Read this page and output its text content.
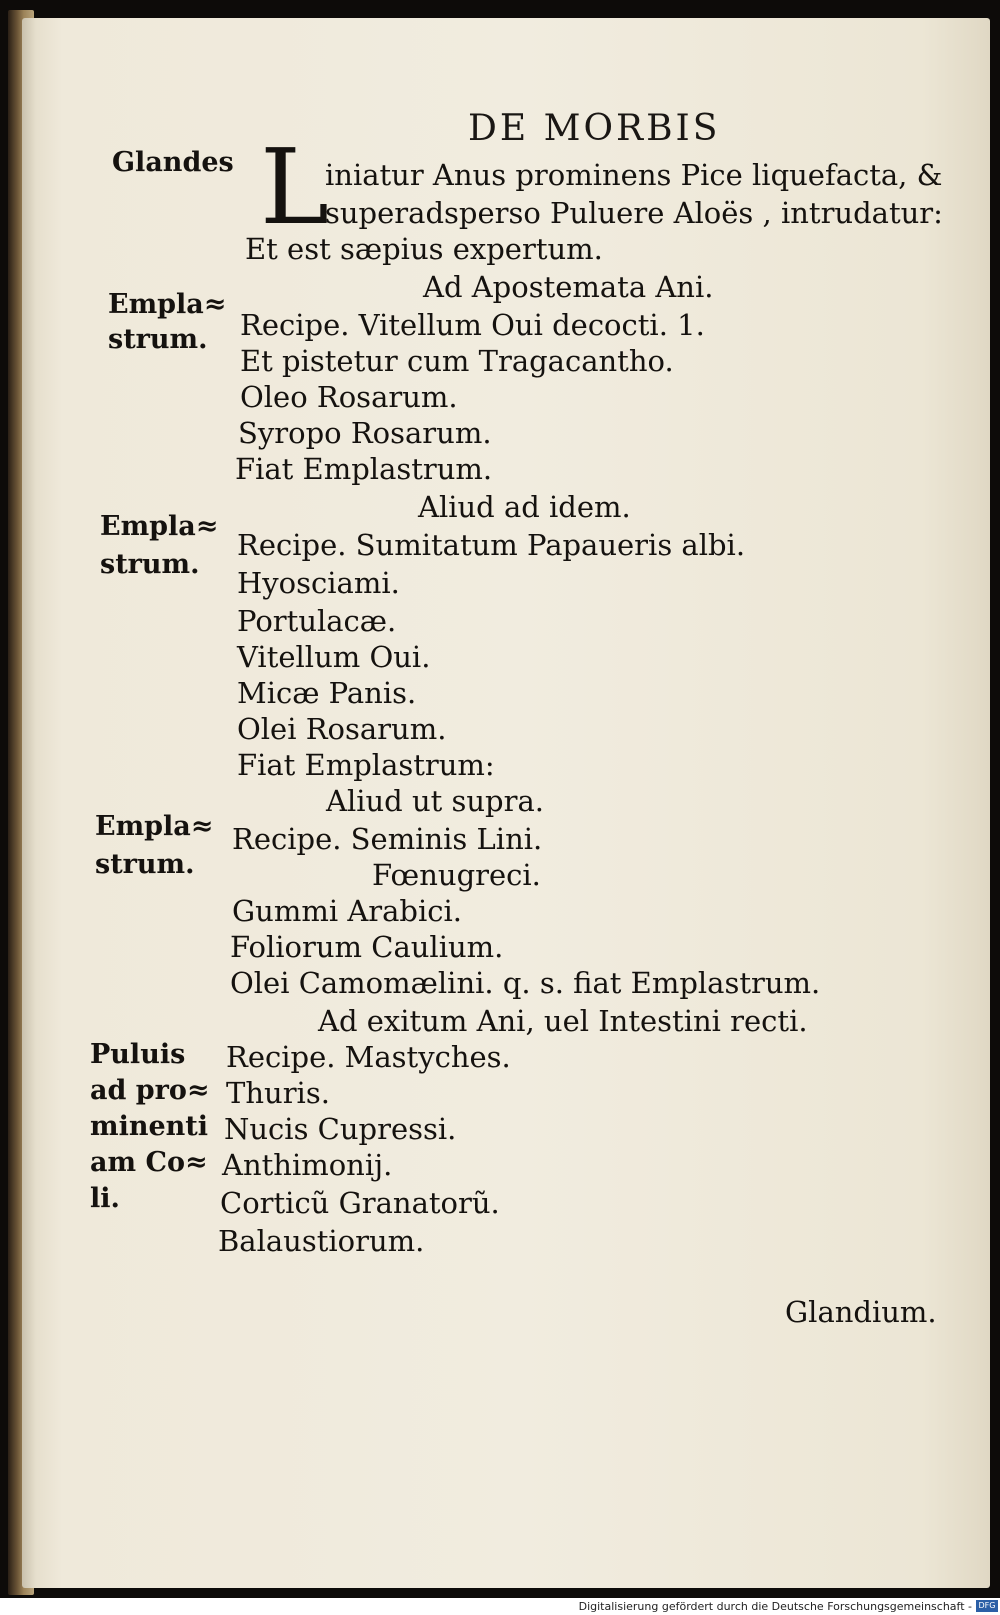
DE MORBIS
Glandes L
iniatur Anus prominens Pice liquefacta, &
superadsperso Puluere Aloës , intrudatur:
Et est sæpius expertum.
Ad Apostemata Ani.
Empla≈
strum. Recipe. Vitellum Oui decocti. 1.
Et pistetur cum Tragacantho.
Oleo Rosarum.
Syropo Rosarum.
Fiat Emplastrum.
Aliud ad idem.
Empla≈
strum.
Recipe. Sumitatum Papaueris albi.
Hyosciami.
Portulacæ.
Vitellum Oui.
Micæ Panis.
Olei Rosarum.
Fiat Emplastrum:
Aliud ut supra.
Empla≈
strum.
Recipe. Seminis Lini.
Fœnugreci.
Gummi Arabici.
Foliorum Caulium.
Olei Camomælini. q. s. fiat Emplastrum.
Ad exitum Ani, uel Intestini recti.
Puluis
ad pro≈
minenti
am Co≈
li.
Recipe. Mastyches.
Thuris.
Nucis Cupressi.
Anthimonij.
Corticũ Granatorũ.
Balaustiorum.
Glandium.
Digitalisierung gefördert durch die Deutsche Forschungsgemeinschaft - DFG
